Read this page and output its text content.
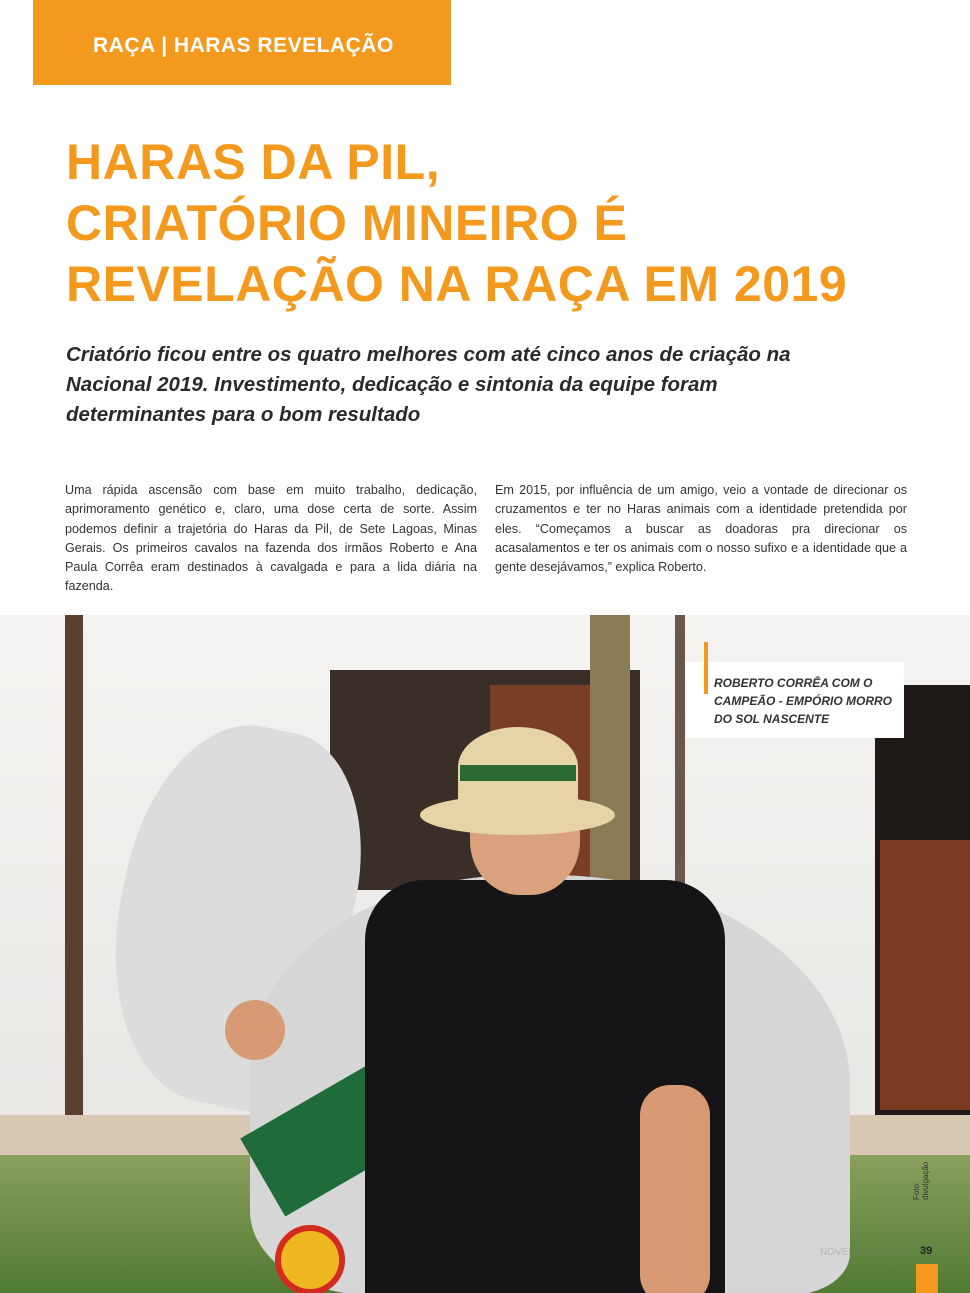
RAÇA | HARAS REVELAÇÃO
HARAS DA PIL,
CRIATÓRIO MINEIRO É
REVELAÇÃO NA RAÇA EM 2019
Criatório ficou entre os quatro melhores com até cinco anos de criação na Nacional 2019. Investimento, dedicação e sintonia da equipe foram determinantes para o bom resultado
Uma rápida ascensão com base em muito trabalho, dedicação, aprimoramento genético e, claro, uma dose certa de sorte. Assim podemos definir a trajetória do Haras da Pil, de Sete Lagoas, Minas Gerais. Os primeiros cavalos na fazenda dos irmãos Roberto e Ana Paula Corrêa eram destinados à cavalgada e para a lida diária na fazenda.
Em 2015, por influência de um amigo, veio a vontade de direcionar os cruzamentos e ter no Haras animais com a identidade pretendida por eles. “Começamos a buscar as doadoras pra direcionar os acasalamentos e ter os animais com o nosso sufixo e a identidade que a gente desejávamos,” explica Roberto.
ROBERTO CORRÊA COM O CAMPEÃO - EMPÓRIO MORRO DO SOL NASCENTE
Foto: divulgação
NOVEMBRO 2019 39
